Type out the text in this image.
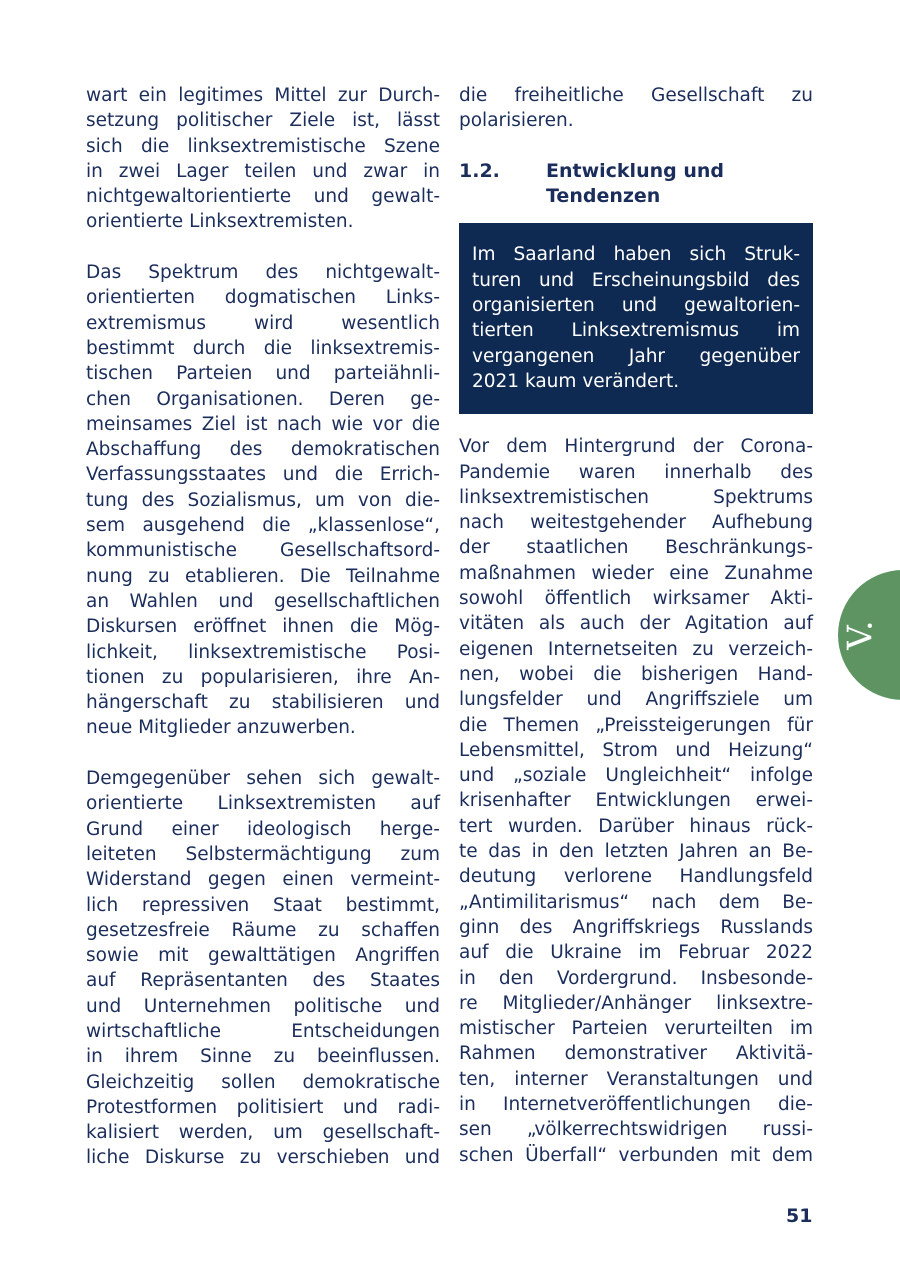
wart ein legitimes Mittel zur Durch-
setzung politischer Ziele ist, lässt
sich die linksextremistische Szene
in zwei Lager teilen und zwar in
nichtgewaltorientierte und gewalt-
orientierte Linksextremisten.
Das Spektrum des nichtgewalt-
orientierten dogmatischen Links-
extremismus wird wesentlich
bestimmt durch die linksextremis-
tischen Parteien und parteiähnli-
chen Organisationen. Deren ge-
meinsames Ziel ist nach wie vor die
Abschaffung des demokratischen
Verfassungsstaates und die Errich-
tung des Sozialismus, um von die-
sem ausgehend die „klassenlose“,
kommunistische Gesellschaftsord-
nung zu etablieren. Die Teilnahme
an Wahlen und gesellschaftlichen
Diskursen eröffnet ihnen die Mög-
lichkeit, linksextremistische Posi-
tionen zu popularisieren, ihre An-
hängerschaft zu stabilisieren und
neue Mitglieder anzuwerben.
Demgegenüber sehen sich gewalt-
orientierte Linksextremisten auf
Grund einer ideologisch herge-
leiteten Selbstermächtigung zum
Widerstand gegen einen vermeint-
lich repressiven Staat bestimmt,
gesetzesfreie Räume zu schaffen
sowie mit gewalttätigen Angriffen
auf Repräsentanten des Staates
und Unternehmen politische und
wirtschaftliche Entscheidungen
in ihrem Sinne zu beeinflussen.
Gleichzeitig sollen demokratische
Protestformen politisiert und radi-
kalisiert werden, um gesellschaft-
liche Diskurse zu verschieben und
die freiheitliche Gesellschaft zu
polarisieren.
1.2. Entwicklung und
Tendenzen
Im Saarland haben sich Struk-
turen und Erscheinungsbild des
organisierten und gewaltorien-
tierten Linksextremismus im
vergangenen Jahr gegenüber
2021 kaum verändert.
Vor dem Hintergrund der Corona-
Pandemie waren innerhalb des
linksextremistischen Spektrums
nach weitestgehender Aufhebung
der staatlichen Beschränkungs-
maßnahmen wieder eine Zunahme
sowohl öffentlich wirksamer Akti-
vitäten als auch der Agitation auf
eigenen Internetseiten zu verzeich-
nen, wobei die bisherigen Hand-
lungsfelder und Angriffsziele um
die Themen „Preissteigerungen für
Lebensmittel, Strom und Heizung“
und „soziale Ungleichheit“ infolge
krisenhafter Entwicklungen erwei-
tert wurden. Darüber hinaus rück-
te das in den letzten Jahren an Be-
deutung verlorene Handlungsfeld
„Antimilitarismus“ nach dem Be-
ginn des Angriffskriegs Russlands
auf die Ukraine im Februar 2022
in den Vordergrund. Insbesonde-
re Mitglieder/Anhänger linksextre-
mistischer Parteien verurteilten im
Rahmen demonstrativer Aktivitä-
ten, interner Veranstaltungen und
in Internetveröffentlichungen die-
sen „völkerrechtswidrigen russi-
schen Überfall“ verbunden mit dem
V.
51
